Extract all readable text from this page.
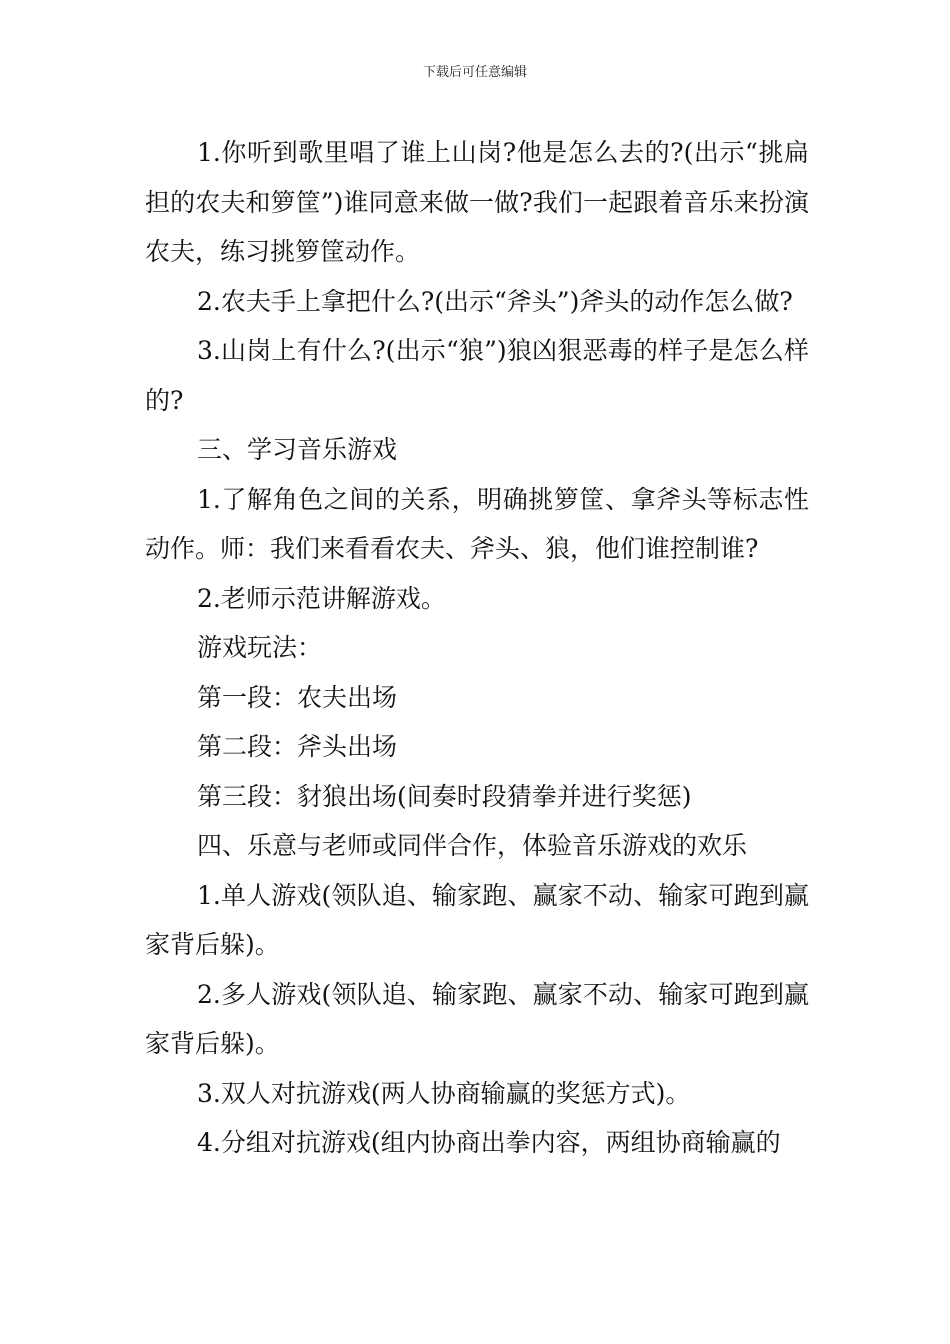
下载后可任意编辑

1.你听到歌里唱了谁上山岗?他是怎么去的?(出示“挑扁担的农夫和箩筐”)谁同意来做一做?我们一起跟着音乐来扮演农夫，练习挑箩筐动作。

2.农夫手上拿把什么?(出示“斧头”)斧头的动作怎么做?

3.山岗上有什么?(出示“狼”)狼凶狠恶毒的样子是怎么样的?

三、学习音乐游戏

1.了解角色之间的关系，明确挑箩筐、拿斧头等标志性动作。师：我们来看看农夫、斧头、狼，他们谁控制谁?

2.老师示范讲解游戏。

游戏玩法：

第一段：农夫出场

第二段：斧头出场

第三段：豺狼出场(间奏时段猜拳并进行奖惩)

四、乐意与老师或同伴合作，体验音乐游戏的欢乐

1.单人游戏(领队追、输家跑、赢家不动、输家可跑到赢家背后躲)。

2.多人游戏(领队追、输家跑、赢家不动、输家可跑到赢家背后躲)。

3.双人对抗游戏(两人协商输赢的奖惩方式)。

4.分组对抗游戏(组内协商出拳内容，两组协商输赢的
